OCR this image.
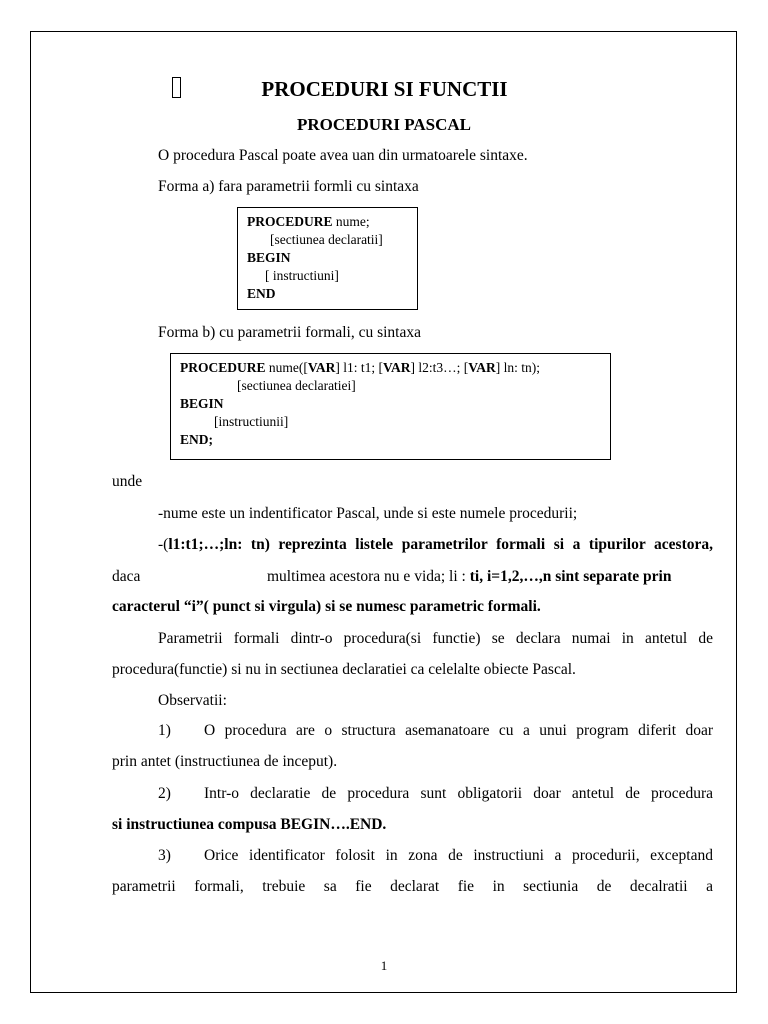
PROCEDURI SI FUNCTII
PROCEDURI PASCAL
O procedura Pascal poate avea uan din urmatoarele sintaxe.
Forma a) fara parametrii formli cu sintaxa
PROCEDURE nume;
[sectiunea declaratii]
BEGIN
[ instructiuni]
END
Forma b) cu parametrii formali, cu sintaxa
PROCEDURE nume([VAR] l1: t1; [VAR] l2:t3…; [VAR] ln: tn);
[sectiunea declaratiei]
BEGIN
[instructiunii]
END;
unde
-nume este un indentificator Pascal, unde si este numele procedurii;
-(l1:t1;…;ln: tn) reprezinta listele parametrilor formali si a tipurilor acestora,
daca	multimea acestora nu e vida; li : ti, i=1,2,…,n sint separate prin
caracterul “i”( punct si virgula) si se numesc parametric formali.
Parametrii formali dintr-o procedura(si functie) se declara numai in antetul de
procedura(functie) si nu in sectiunea declaratiei ca celelalte obiecte Pascal.
Observatii:
1) O procedura are o structura asemanatoare cu a unui program diferit doar
prin antet (instructiunea de inceput).
2) Intr-o declaratie de procedura sunt obligatorii doar antetul de procedura
si instructiunea compusa BEGIN….END.
3) Orice identificator folosit in zona de instructiuni a procedurii, exceptand
parametrii formali, trebuie sa fie declarat fie in sectiunia de decalratii a
1
